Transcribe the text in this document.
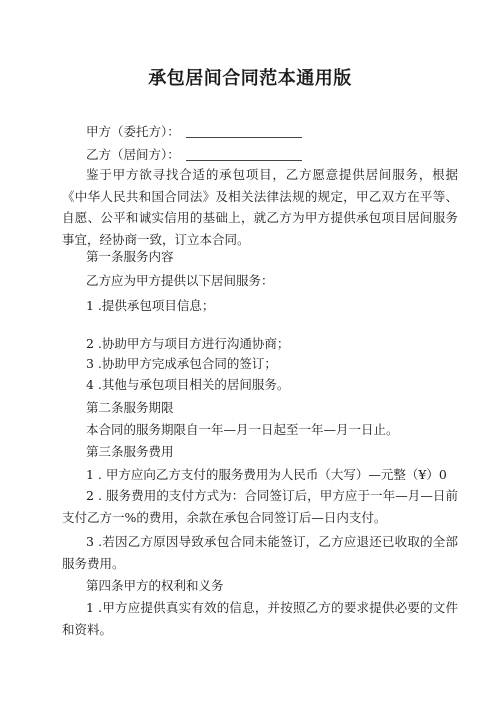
承包居间合同范本通用版
甲方（委托方）：
乙方（居间方）：
鉴于甲方欲寻找合适的承包项目，乙方愿意提供居间服务，根据《中华人民共和国合同法》及相关法律法规的规定，甲乙双方在平等、自愿、公平和诚实信用的基础上，就乙方为甲方提供承包项目居间服务事宜，经协商一致，订立本合同。
第一条服务内容
乙方应为甲方提供以下居间服务：
1 .提供承包项目信息；
2 .协助甲方与项目方进行沟通协商；
3 .协助甲方完成承包合同的签订；
4 .其他与承包项目相关的居间服务。
第二条服务期限
本合同的服务期限自一年—月一日起至一年—月一日止。
第三条服务费用
1 . 甲方应向乙方支付的服务费用为人民币（大写）—元整（¥）0
2 . 服务费用的支付方式为：合同签订后，甲方应于一年—月—日前支付乙方一%的费用，余款在承包合同签订后—日内支付。
3 .若因乙方原因导致承包合同未能签订，乙方应退还已收取的全部服务费用。
第四条甲方的权利和义务
1 .甲方应提供真实有效的信息，并按照乙方的要求提供必要的文件和资料。
